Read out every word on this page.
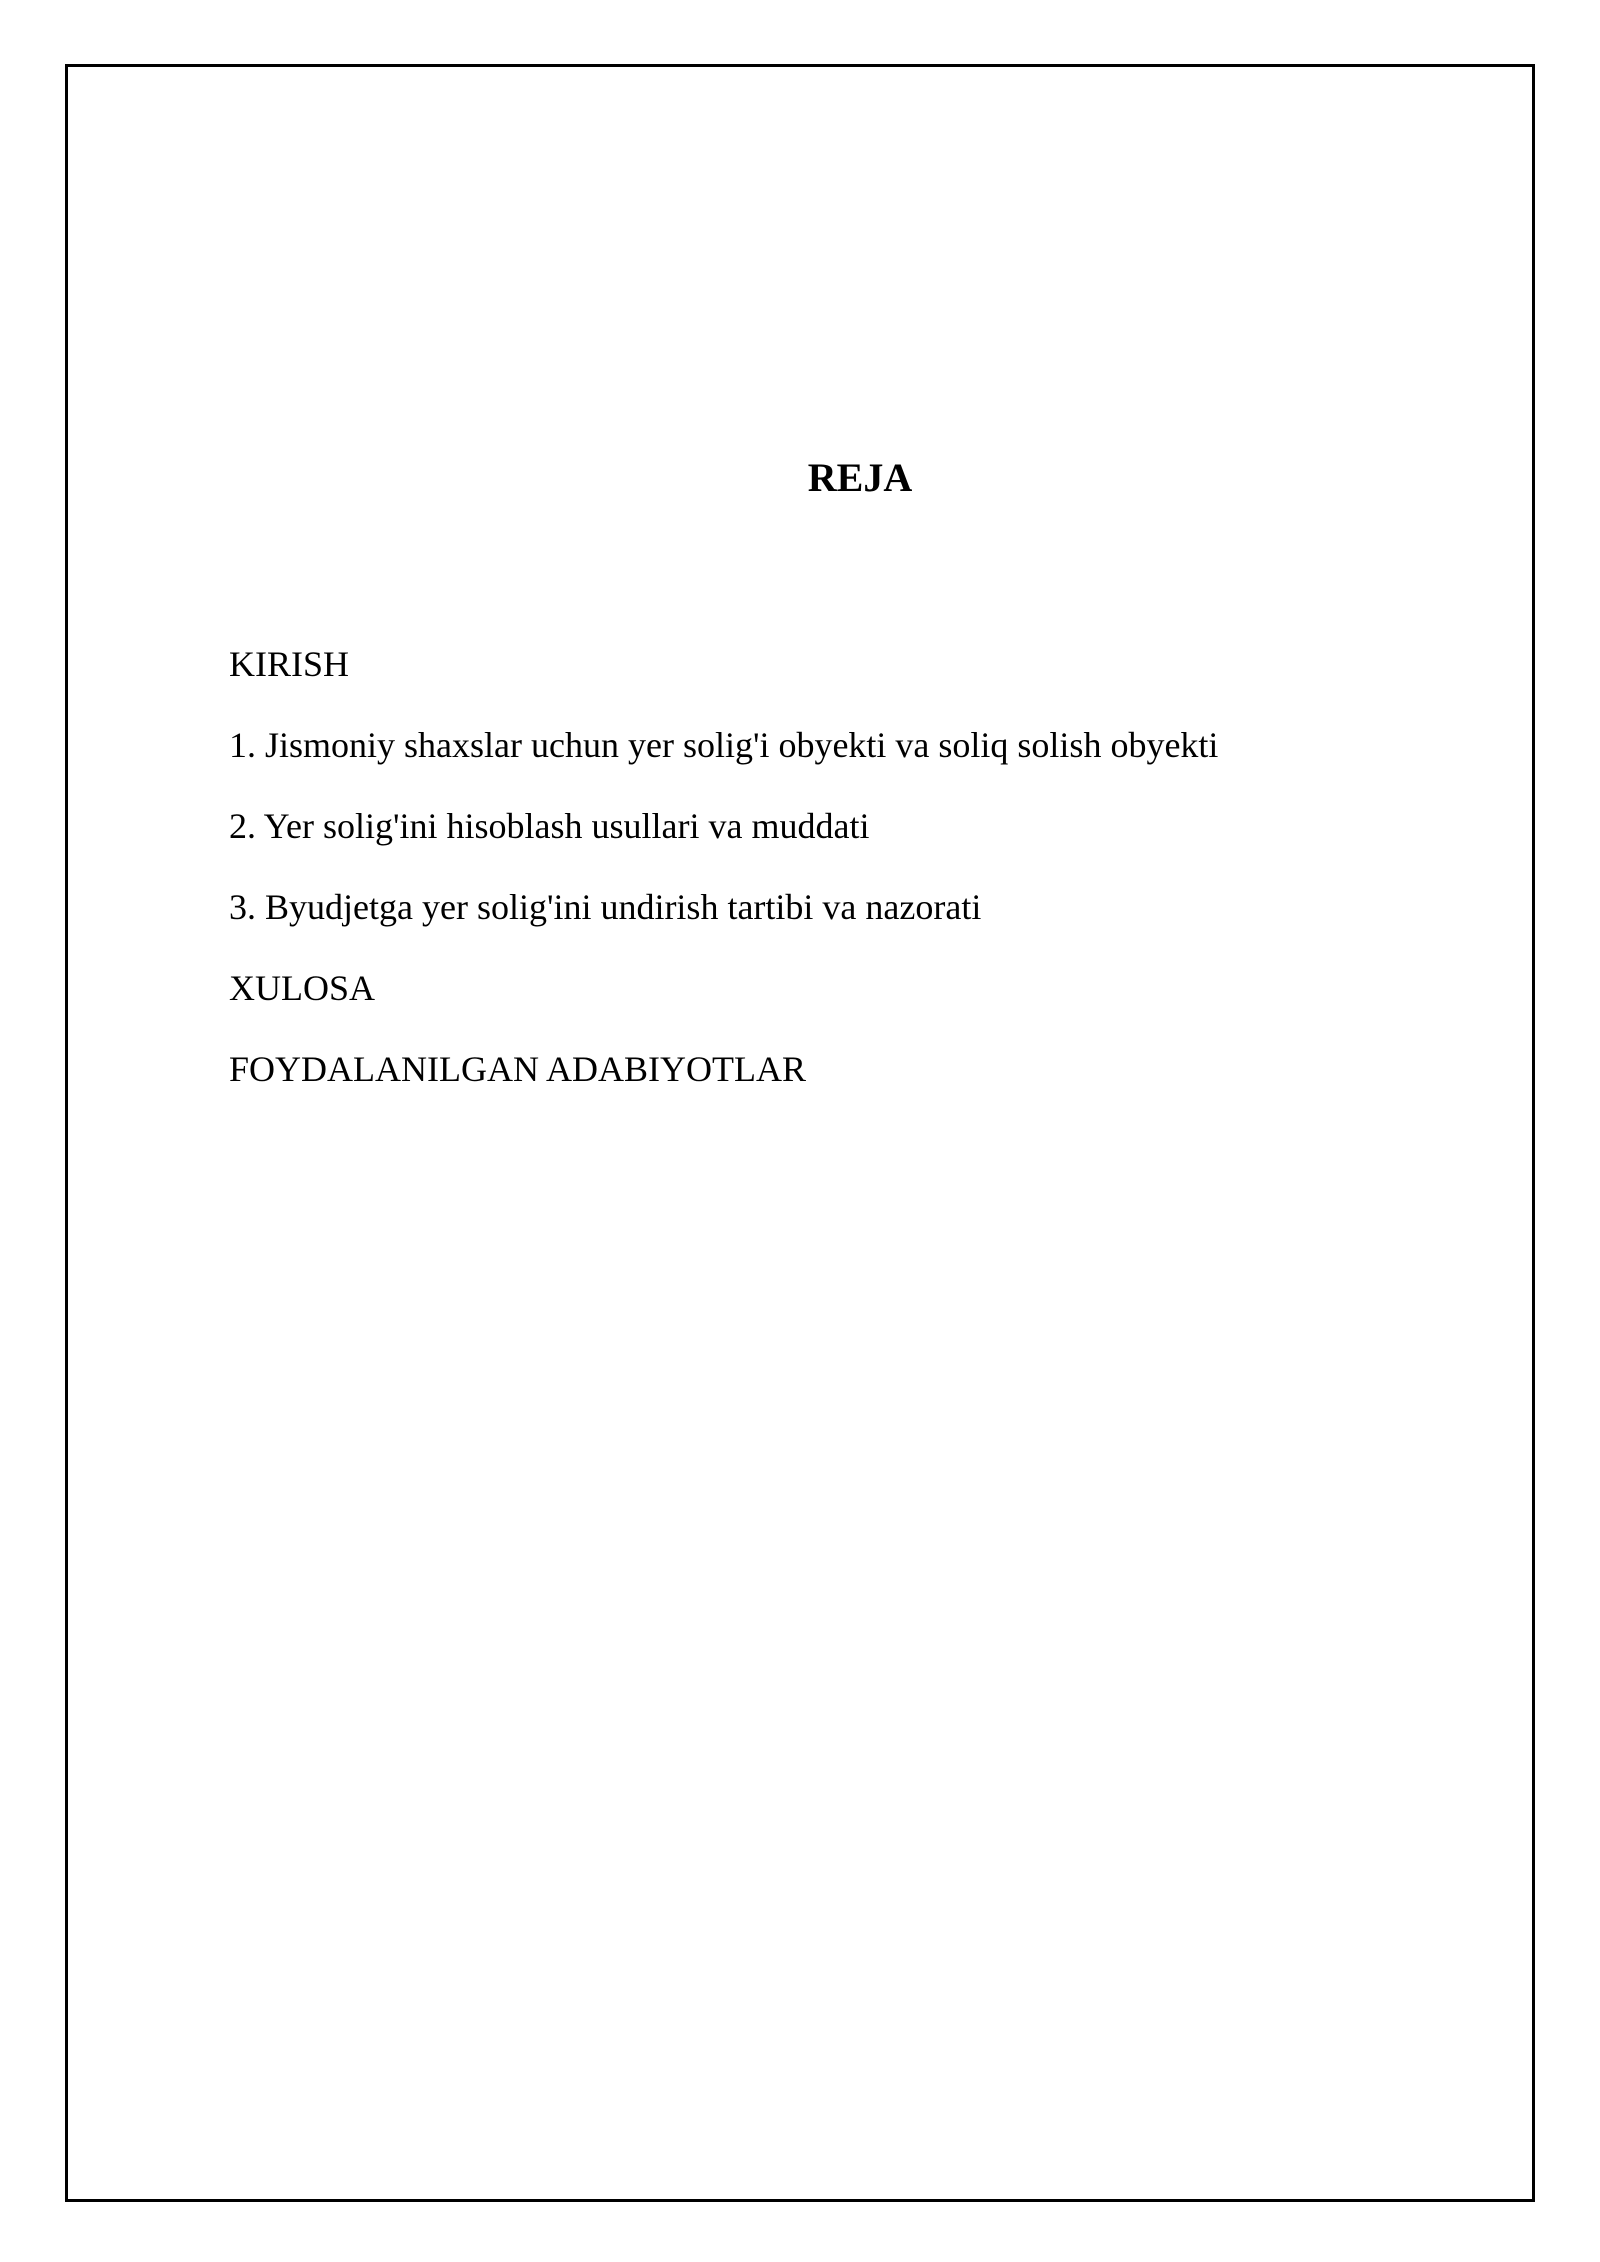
REJA
KIRISH
1. Jismoniy shaxslar uchun yer solig'i obyekti va soliq solish obyekti
2. Yer solig'ini hisoblash usullari va muddati
3. Byudjetga yer solig'ini undirish tartibi va nazorati
XULOSA
FOYDALANILGAN ADABIYOTLAR
